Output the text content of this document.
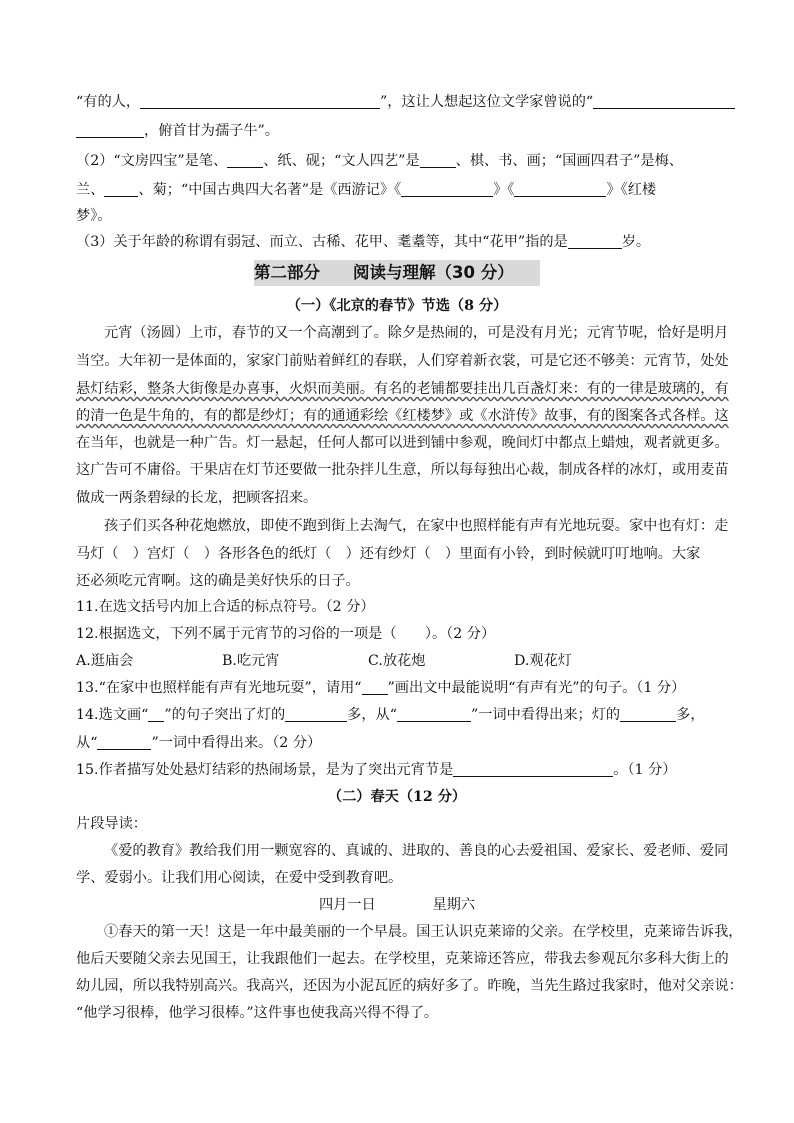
“有的人，	”，这让人想起这位文学家曾说的“
，俯首甘为孺子牛”。
（2）“文房四宝”是笔、	、纸、砚；“文人四艺”是	、棋、书、画；“国画四君子”是梅、
兰、 、菊；“中国古典四大名著”是《西游记》《	》《	》《红楼
梦》。
（3）关于年龄的称谓有弱冠、而立、古稀、花甲、耄耋等，其中“花甲”指的是	岁。
第二部分　　阅读与理解（30 分）
（一）《北京的春节》节选（8 分）
元宵（汤圆）上市，春节的又一个高潮到了。除夕是热闹的，可是没有月光；元宵节呢，恰好是明月
当空。大年初一是体面的，家家门前贴着鲜红的春联，人们穿着新衣裳，可是它还不够美：元宵节，处处
悬灯结彩，整条大街像是办喜事，火炽而美丽。有名的老铺都要挂出几百盏灯来：有的一律是玻璃的，有
的清一色是牛角的，有的都是纱灯；有的通通彩绘《红楼梦》或《水浒传》故事，有的图案各式各样。这
在当年，也就是一种广告。灯一悬起，任何人都可以进到铺中参观，晚间灯中都点上蜡烛，观者就更多。
这广告可不庸俗。干果店在灯节还要做一批杂拌儿生意，所以每每独出心裁，制成各样的冰灯，或用麦苗
做成一两条碧绿的长龙，把顾客招来。
孩子们买各种花炮燃放，即使不跑到街上去淘气，在家中也照样能有声有光地玩耍。家中也有灯：走
马灯（　）宫灯（　）各形各色的纸灯（　）还有纱灯（　）里面有小铃，到时候就叮叮地响。大家
还必须吃元宵啊。这的确是美好快乐的日子。
11.在选文括号内加上合适的标点符号。（2 分）
12.根据选文，下列不属于元宵节的习俗的一项是（　　）。（2 分）
A.逛庙会	B.吃元宵	C.放花炮	D.观花灯
13.“在家中也照样能有声有光地玩耍”，请用“ ”画出文中最能说明“有声有光”的句子。（1 分）
14.选文画“ ”的句子突出了灯的	多，从“	”一词中看得出来；灯的	多，
从“	”一词中看得出来。（2 分）
15.作者描写处处悬灯结彩的热闹场景，是为了突出元宵节是	。（1 分）
（二）春天（12 分）
片段导读：
《爱的教育》教给我们用一颗宽容的、真诚的、进取的、善良的心去爱祖国、爱家长、爱老师、爱同
学、爱弱小。让我们用心阅读，在爱中受到教育吧。
四月一日　　　　星期六
①春天的第一天！这是一年中最美丽的一个早晨。国王认识克莱谛的父亲。在学校里，克莱谛告诉我，
他后天要随父亲去见国王，让我跟他们一起去。在学校里，克莱谛还答应，带我去参观瓦尔多科大街上的
幼儿园，所以我特别高兴。我高兴，还因为小泥瓦匠的病好多了。昨晚，当先生路过我家时，他对父亲说：
“他学习很棒，他学习很棒。”这件事也使我高兴得不得了。
